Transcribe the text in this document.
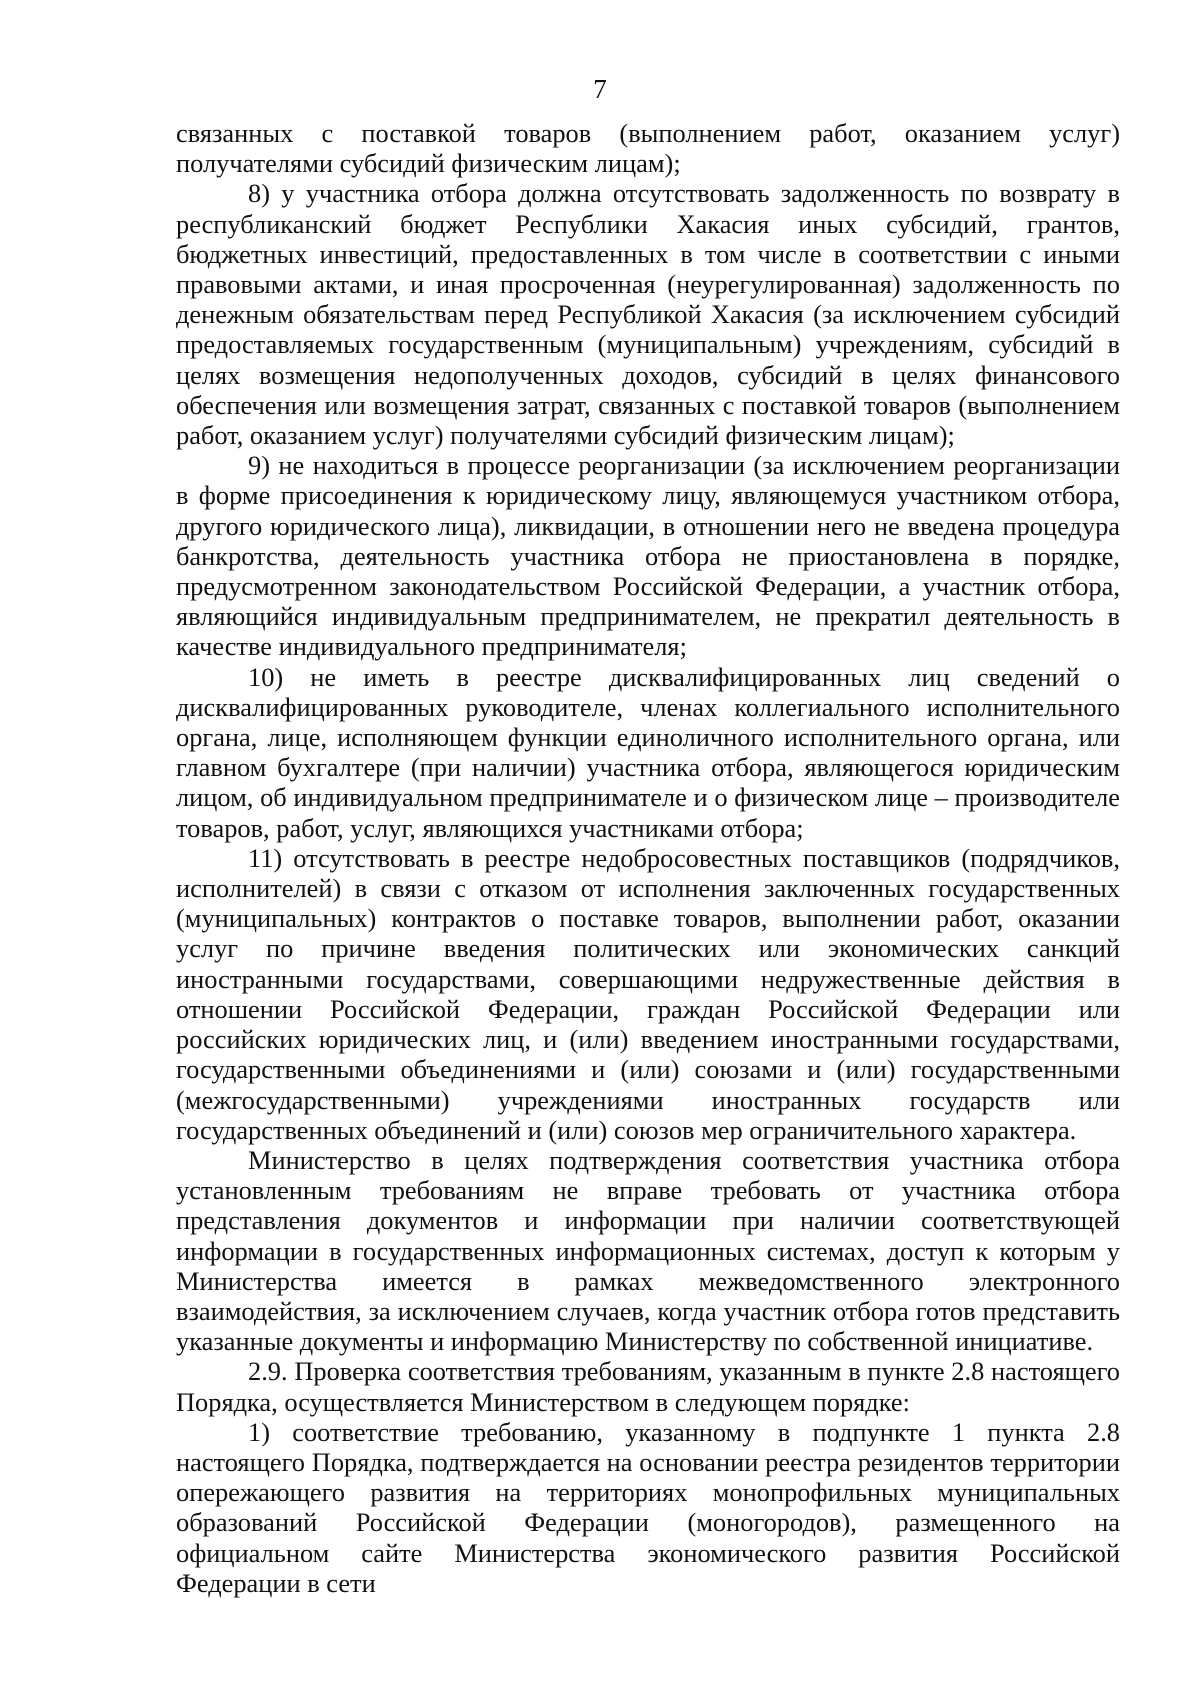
7

связанных с поставкой товаров (выполнением работ, оказанием услуг) получателями субсидий физическим лицам);

8) у участника отбора должна отсутствовать задолженность по возврату в республиканский бюджет Республики Хакасия иных субсидий, грантов, бюджетных инвестиций, предоставленных в том числе в соответствии с иными правовыми актами, и иная просроченная (неурегулированная) задолженность по денежным обязательствам перед Республикой Хакасия (за исключением субсидий предоставляемых государственным (муниципальным) учреждениям, субсидий в целях возмещения недополученных доходов, субсидий в целях финансового обеспечения или возмещения затрат, связанных с поставкой товаров (выполнением работ, оказанием услуг) получателями субсидий физическим лицам);

9) не находиться в процессе реорганизации (за исключением реорганизации в форме присоединения к юридическому лицу, являющемуся участником отбора, другого юридического лица), ликвидации, в отношении него не введена процедура банкротства, деятельность участника отбора не приостановлена в порядке, предусмотренном законодательством Российской Федерации, а участник отбора, являющийся индивидуальным предпринимателем, не прекратил деятельность в качестве индивидуального предпринимателя;

10) не иметь в реестре дисквалифицированных лиц сведений о дисквалифицированных руководителе, членах коллегиального исполнительного органа, лице, исполняющем функции единоличного исполнительного органа, или главном бухгалтере (при наличии) участника отбора, являющегося юридическим лицом, об индивидуальном предпринимателе и о физическом лице – производителе товаров, работ, услуг, являющихся участниками отбора;

11) отсутствовать в реестре недобросовестных поставщиков (подрядчиков, исполнителей) в связи с отказом от исполнения заключенных государственных (муниципальных) контрактов о поставке товаров, выполнении работ, оказании услуг по причине введения политических или экономических санкций иностранными государствами, совершающими недружественные действия в отношении Российской Федерации, граждан Российской Федерации или российских юридических лиц, и (или) введением иностранными государствами, государственными объединениями и (или) союзами и (или) государственными (межгосударственными) учреждениями иностранных государств или государственных объединений и (или) союзов мер ограничительного характера.

Министерство в целях подтверждения соответствия участника отбора установленным требованиям не вправе требовать от участника отбора представления документов и информации при наличии соответствующей информации в государственных информационных системах, доступ к которым у Министерства имеется в рамках межведомственного электронного взаимодействия, за исключением случаев, когда участник отбора готов представить указанные документы и информацию Министерству по собственной инициативе.

2.9. Проверка соответствия требованиям, указанным в пункте 2.8 настоящего Порядка, осуществляется Министерством в следующем порядке:

1) соответствие требованию, указанному в подпункте 1 пункта 2.8 настоящего Порядка, подтверждается на основании реестра резидентов территории опережающего развития на территориях монопрофильных муниципальных образований Российской Федерации (моногородов), размещенного на официальном сайте Министерства экономического развития Российской Федерации в сети
